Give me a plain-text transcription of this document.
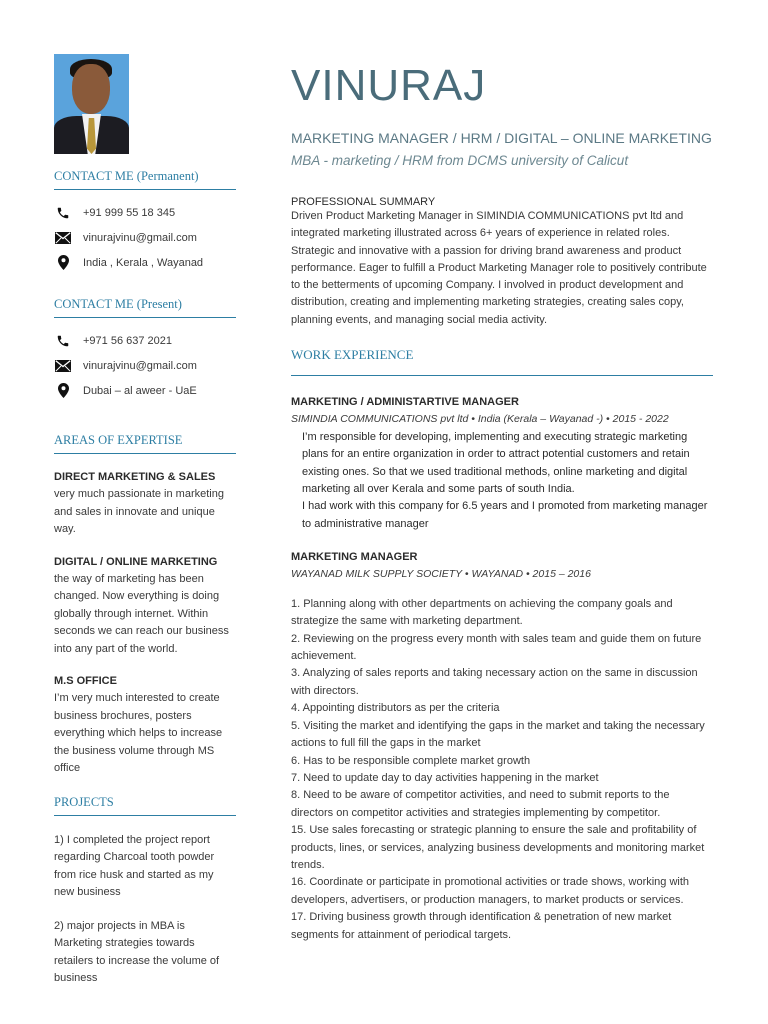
CONTACT ME (Permanent)
+91 999 55 18 345
vinurajvinu@gmail.com
India , Kerala , Wayanad
CONTACT ME (Present)
+971 56 637 2021
vinurajvinu@gmail.com
Dubai – al aweer - UaE
AREAS OF EXPERTISE
DIRECT MARKETING & SALES
very much passionate in marketing and sales in innovate and unique way.
DIGITAL / ONLINE MARKETING
the way of marketing has been changed. Now everything is doing globally through internet. Within seconds we can reach our business into any part of the world.
M.S OFFICE
I’m very much interested to create business brochures, posters everything which helps to increase the business volume through MS office
PROJECTS
1) I completed the project report regarding Charcoal tooth powder from rice husk and started as my new business
2) major projects in MBA is Marketing strategies towards retailers to increase the volume of business
VINURAJ
MARKETING MANAGER / HRM / DIGITAL – ONLINE MARKETING
MBA - marketing / HRM from DCMS university of Calicut
PROFESSIONAL SUMMARY
Driven Product Marketing Manager in SIMINDIA COMMUNICATIONS pvt ltd and integrated marketing illustrated across 6+ years of experience in related roles. Strategic and innovative with a passion for driving brand awareness and product performance. Eager to fulfill a Product Marketing Manager role to positively contribute to the betterments of upcoming Company. I involved in product development and distribution, creating and implementing marketing strategies, creating sales copy, planning events, and managing social media activity.
WORK EXPERIENCE
MARKETING / ADMINISTARTIVE MANAGER
SIMINDIA COMMUNICATIONS pvt ltd • India (Kerala – Wayanad -) • 2015 - 2022

I’m responsible for developing, implementing and executing strategic marketing plans for an entire organization in order to attract potential customers and retain existing ones. So that we used traditional methods, online marketing and digital marketing all over Kerala and some parts of south India.

I had work with this company for 6.5 years and I promoted from marketing manager to administrative manager

MARKETING MANAGER
WAYANAD MILK SUPPLY SOCIETY • WAYANAD • 2015 – 2016
1. Planning along with other departments on achieving the company goals and strategize the same with marketing department.
2. Reviewing on the progress every month with sales team and guide them on future achievement.
3. Analyzing of sales reports and taking necessary action on the same in discussion with directors.
4. Appointing distributors as per the criteria
5. Visiting the market and identifying the gaps in the market and taking the necessary actions to full fill the gaps in the market
6. Has to be responsible complete market growth
7. Need to update day to day activities happening in the market
8. Need to be aware of competitor activities, and need to submit reports to the directors on competitor activities and strategies implementing by competitor.
15. Use sales forecasting or strategic planning to ensure the sale and profitability of products, lines, or services, analyzing business developments and monitoring market trends.
16. Coordinate or participate in promotional activities or trade shows, working with developers, advertisers, or production managers, to market products or services.
17. Driving business growth through identification & penetration of new market segments for attainment of periodical targets.
